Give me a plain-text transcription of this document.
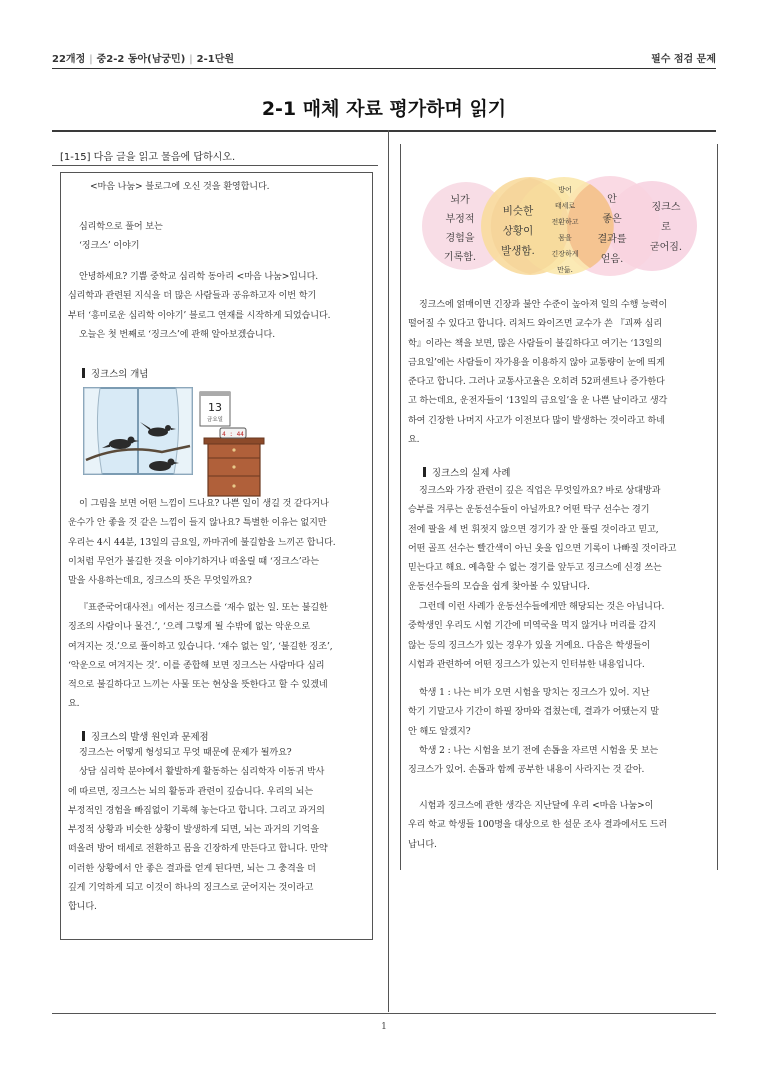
22개정 | 중2-2 동아(남궁민) | 2-1단원	필수 점검 문제
2-1 매체 자료 평가하며 읽기
[1-15] 다음 글을 읽고 물음에 답하시오.
<마음 나눔> 블로그에 오신 것을 환영합니다.
심리학으로 풀어 보는
‘징크스’ 이야기
안녕하세요? 기쁨 중학교 심리학 동아리 <마음 나눔>입니다.
심리학과 관련된 지식을 더 많은 사람들과 공유하고자 이번 학기
부터 ‘흥미로운 심리학 이야기’ 블로그 연재를 시작하게 되었습니다.
오늘은 첫 번째로 ‘징크스’에 관해 알아보겠습니다.
징크스의 개념
13
금요일
4 : 44
이 그림을 보면 어떤 느낌이 드나요? 나쁜 일이 생길 것 같다거나
운수가 안 좋을 것 같은 느낌이 들지 않나요? 특별한 이유는 없지만
우리는 4시 44분, 13일의 금요일, 까마귀에 불길함을 느끼곤 합니다.
이처럼 무언가 불길한 것을 이야기하거나 떠올릴 때 ‘징크스’라는
말을 사용하는데요, 징크스의 뜻은 무엇일까요?
『표준국어대사전』에서는 징크스를 ‘재수 없는 일. 또는 불길한
징조의 사람이나 물건.’, ‘으레 그렇게 될 수밖에 없는 악운으로
여겨지는 것.’으로 풀이하고 있습니다. ‘재수 없는 일’, ‘불길한 징조’,
‘악운으로 여겨지는 것’. 이를 종합해 보면 징크스는 사람마다 심리
적으로 불길하다고 느끼는 사물 또는 현상을 뜻한다고 할 수 있겠네
요.
징크스의 발생 원인과 문제점
징크스는 어떻게 형성되고 무엇 때문에 문제가 될까요?
상담 심리학 분야에서 활발하게 활동하는 심리학자 이동귀 박사
에 따르면, 징크스는 뇌의 활동과 관련이 깊습니다. 우리의 뇌는
부정적인 경험을 빠짐없이 기록해 놓는다고 합니다. 그리고 과거의
부정적 상황과 비슷한 상황이 발생하게 되면, 뇌는 과거의 기억을
떠올려 방어 태세로 전환하고 몸을 긴장하게 만든다고 합니다. 만약
이러한 상황에서 안 좋은 결과를 얻게 된다면, 뇌는 그 충격을 더
깊게 기억하게 되고 이것이 하나의 징크스로 굳어지는 것이라고
합니다.
뇌가
부정적
경험을
기록함.
비슷한
상황이
발생함.
방어
태세로
전환하고
몸을
긴장하게
만듦.
안
좋은
결과를
얻음.
징크스
로
굳어짐.
징크스에 얽매이면 긴장과 불안 수준이 높아져 일의 수행 능력이
떨어질 수 있다고 합니다. 리처드 와이즈먼 교수가 쓴 『괴짜 심리
학』이라는 책을 보면, 많은 사람들이 불길하다고 여기는 ‘13일의
금요일’에는 사람들이 자가용을 이용하지 않아 교통량이 눈에 띄게
준다고 합니다. 그러나 교통사고율은 오히려 52퍼센트나 증가한다
고 하는데요, 운전자들이 ‘13일의 금요일’을 운 나쁜 날이라고 생각
하여 긴장한 나머지 사고가 이전보다 많이 발생하는 것이라고 하네
요.
징크스의 실제 사례
징크스와 가장 관련이 깊은 직업은 무엇일까요? 바로 상대방과
승부를 겨루는 운동선수들이 아닐까요? 어떤 탁구 선수는 경기
전에 팔을 세 번 휘젓지 않으면 경기가 잘 안 풀릴 것이라고 믿고,
어떤 골프 선수는 빨간색이 아닌 옷을 입으면 기록이 나빠질 것이라고
믿는다고 해요. 예측할 수 없는 경기를 앞두고 징크스에 신경 쓰는
운동선수들의 모습을 쉽게 찾아볼 수 있답니다.
그런데 이런 사례가 운동선수들에게만 해당되는 것은 아닙니다.
중학생인 우리도 시험 기간에 미역국을 먹지 않거나 머리를 감지
않는 등의 징크스가 있는 경우가 있을 거예요. 다음은 학생들이
시험과 관련하여 어떤 징크스가 있는지 인터뷰한 내용입니다.
학생 1 : 나는 비가 오면 시험을 망치는 징크스가 있어. 지난
학기 기말고사 기간이 하필 장마와 겹쳤는데, 결과가 어땠는지 말
안 해도 알겠지?
학생 2 : 나는 시험을 보기 전에 손톱을 자르면 시험을 못 보는
징크스가 있어. 손톱과 함께 공부한 내용이 사라지는 것 같아.
시험과 징크스에 관한 생각은 지난달에 우리 <마음 나눔>이
우리 학교 학생들 100명을 대상으로 한 설문 조사 결과에서도 드러
납니다.
1
